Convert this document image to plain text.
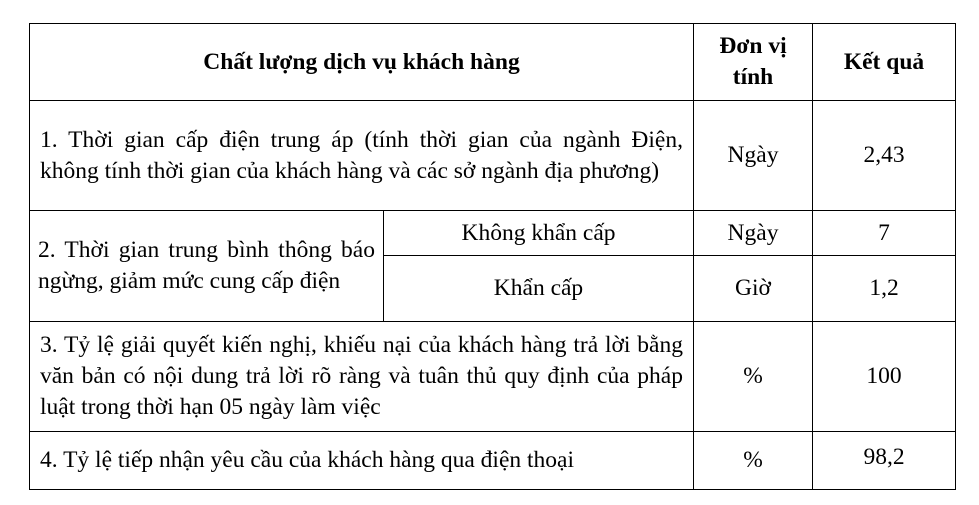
Chất lượng dịch vụ khách hàng		Đơn vị tính	Kết quả
1. Thời gian cấp điện trung áp (tính thời gian của ngành Điện, không tính thời gian của khách hàng và các sở ngành địa phương)		Ngày	2,43
2. Thời gian trung bình thông báo ngừng, giảm mức cung cấp điện	Không khẩn cấp	Ngày	7
	Khẩn cấp	Giờ	1,2
3. Tỷ lệ giải quyết kiến nghị, khiếu nại của khách hàng trả lời bằng văn bản có nội dung trả lời rõ ràng và tuân thủ quy định của pháp luật trong thời hạn 05 ngày làm việc		%	100
4. Tỷ lệ tiếp nhận yêu cầu của khách hàng qua điện thoại		%	98,2
